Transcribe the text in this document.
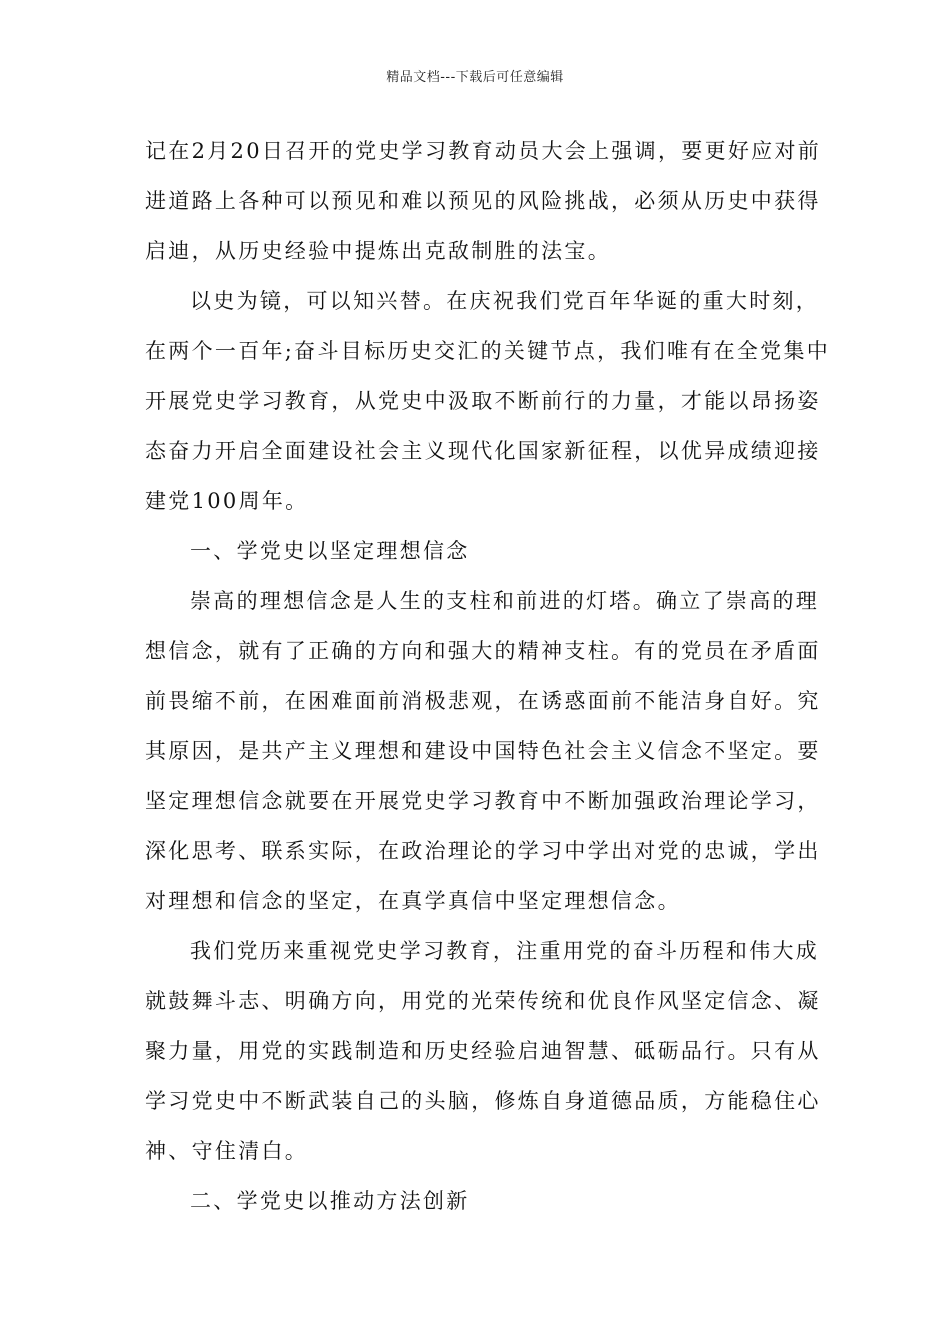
精品文档---下载后可任意编辑
记在2月20日召开的党史学习教育动员大会上强调，要更好应对前
进道路上各种可以预见和难以预见的风险挑战，必须从历史中获得
启迪，从历史经验中提炼出克敌制胜的法宝。
以史为镜，可以知兴替。在庆祝我们党百年华诞的重大时刻，
在两个一百年;奋斗目标历史交汇的关键节点，我们唯有在全党集中
开展党史学习教育，从党史中汲取不断前行的力量，才能以昂扬姿
态奋力开启全面建设社会主义现代化国家新征程，以优异成绩迎接
建党100周年。
一、学党史以坚定理想信念
崇高的理想信念是人生的支柱和前进的灯塔。确立了崇高的理
想信念，就有了正确的方向和强大的精神支柱。有的党员在矛盾面
前畏缩不前，在困难面前消极悲观，在诱惑面前不能洁身自好。究
其原因，是共产主义理想和建设中国特色社会主义信念不坚定。要
坚定理想信念就要在开展党史学习教育中不断加强政治理论学习，
深化思考、联系实际，在政治理论的学习中学出对党的忠诚，学出
对理想和信念的坚定，在真学真信中坚定理想信念。
我们党历来重视党史学习教育，注重用党的奋斗历程和伟大成
就鼓舞斗志、明确方向，用党的光荣传统和优良作风坚定信念、凝
聚力量，用党的实践制造和历史经验启迪智慧、砥砺品行。只有从
学习党史中不断武装自己的头脑，修炼自身道德品质，方能稳住心
神、守住清白。
二、学党史以推动方法创新
